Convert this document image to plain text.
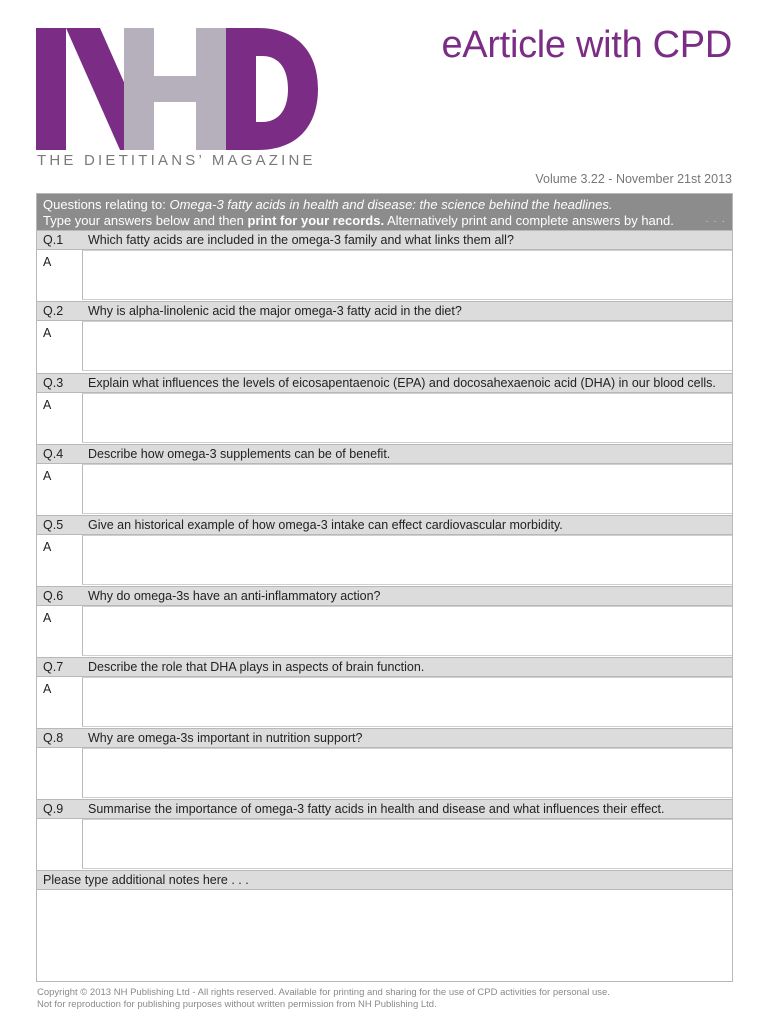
THE DIETITIANS’ MAGAZINE
eArticle with CPD
Volume 3.22 - November 21st 2013
Questions relating to: Omega-3 fatty acids in health and disease: the science behind the headlines.
Type your answers below and then print for your records. Alternatively print and complete answers by hand.	· · ·
Q.1 Which fatty acids are included in the omega-3 family and what links them all?
A
Q.2 Why is alpha-linolenic acid the major omega-3 fatty acid in the diet?
A
Q.3 Explain what influences the levels of eicosapentaenoic (EPA) and docosahexaenoic acid (DHA) in our blood cells.
A
Q.4 Describe how omega-3 supplements can be of benefit.
A
Q.5 Give an historical example of how omega-3 intake can effect cardiovascular morbidity.
A
Q.6 Why do omega-3s have an anti-inflammatory action?
A
Q.7 Describe the role that DHA plays in aspects of brain function.
A
Q.8 Why are omega-3s important in nutrition support?
Q.9 Summarise the importance of omega-3 fatty acids in health and disease and what influences their effect.
Please type additional notes here . . .
Copyright © 2013 NH Publishing Ltd - All rights reserved. Available for printing and sharing for the use of CPD activities for personal use.
Not for reproduction for publishing purposes without written permission from NH Publishing Ltd.
